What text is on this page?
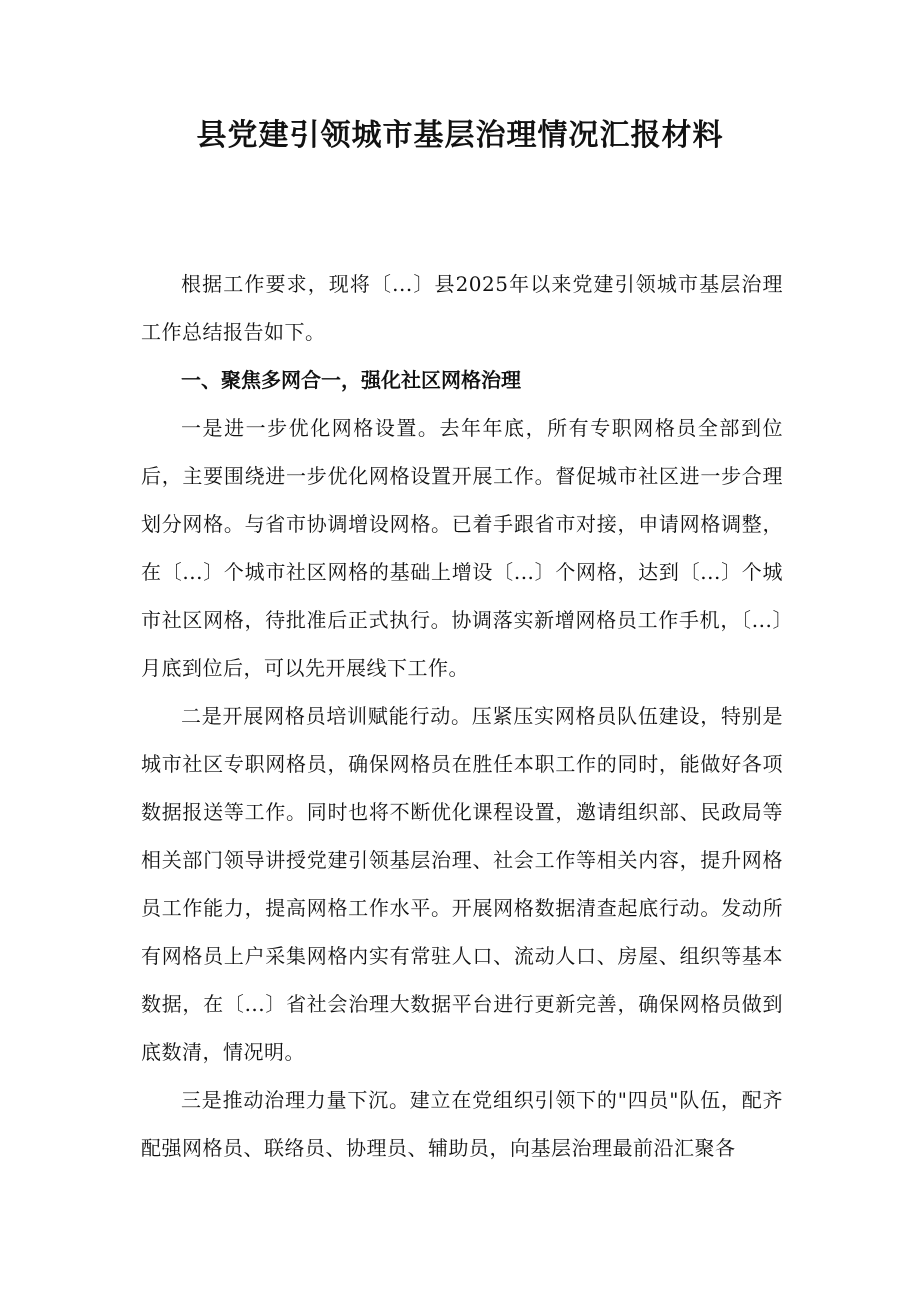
县党建引领城市基层治理情况汇报材料

根据工作要求，现将〔...〕县2025年以来党建引领城市基层治理工作总结报告如下。

一、聚焦多网合一，强化社区网格治理

一是进一步优化网格设置。去年年底，所有专职网格员全部到位后，主要围绕进一步优化网格设置开展工作。督促城市社区进一步合理划分网格。与省市协调增设网格。已着手跟省市对接，申请网格调整，在〔...〕个城市社区网格的基础上增设〔...〕个网格，达到〔...〕个城市社区网格，待批准后正式执行。协调落实新增网格员工作手机，〔...〕月底到位后，可以先开展线下工作。

二是开展网格员培训赋能行动。压紧压实网格员队伍建设，特别是城市社区专职网格员，确保网格员在胜任本职工作的同时，能做好各项数据报送等工作。同时也将不断优化课程设置，邀请组织部、民政局等相关部门领导讲授党建引领基层治理、社会工作等相关内容，提升网格员工作能力，提高网格工作水平。开展网格数据清查起底行动。发动所有网格员上户采集网格内实有常驻人口、流动人口、房屋、组织等基本数据，在〔...〕省社会治理大数据平台进行更新完善，确保网格员做到底数清，情况明。

三是推动治理力量下沉。建立在党组织引领下的"四员"队伍，配齐配强网格员、联络员、协理员、辅助员，向基层治理最前沿汇聚各
